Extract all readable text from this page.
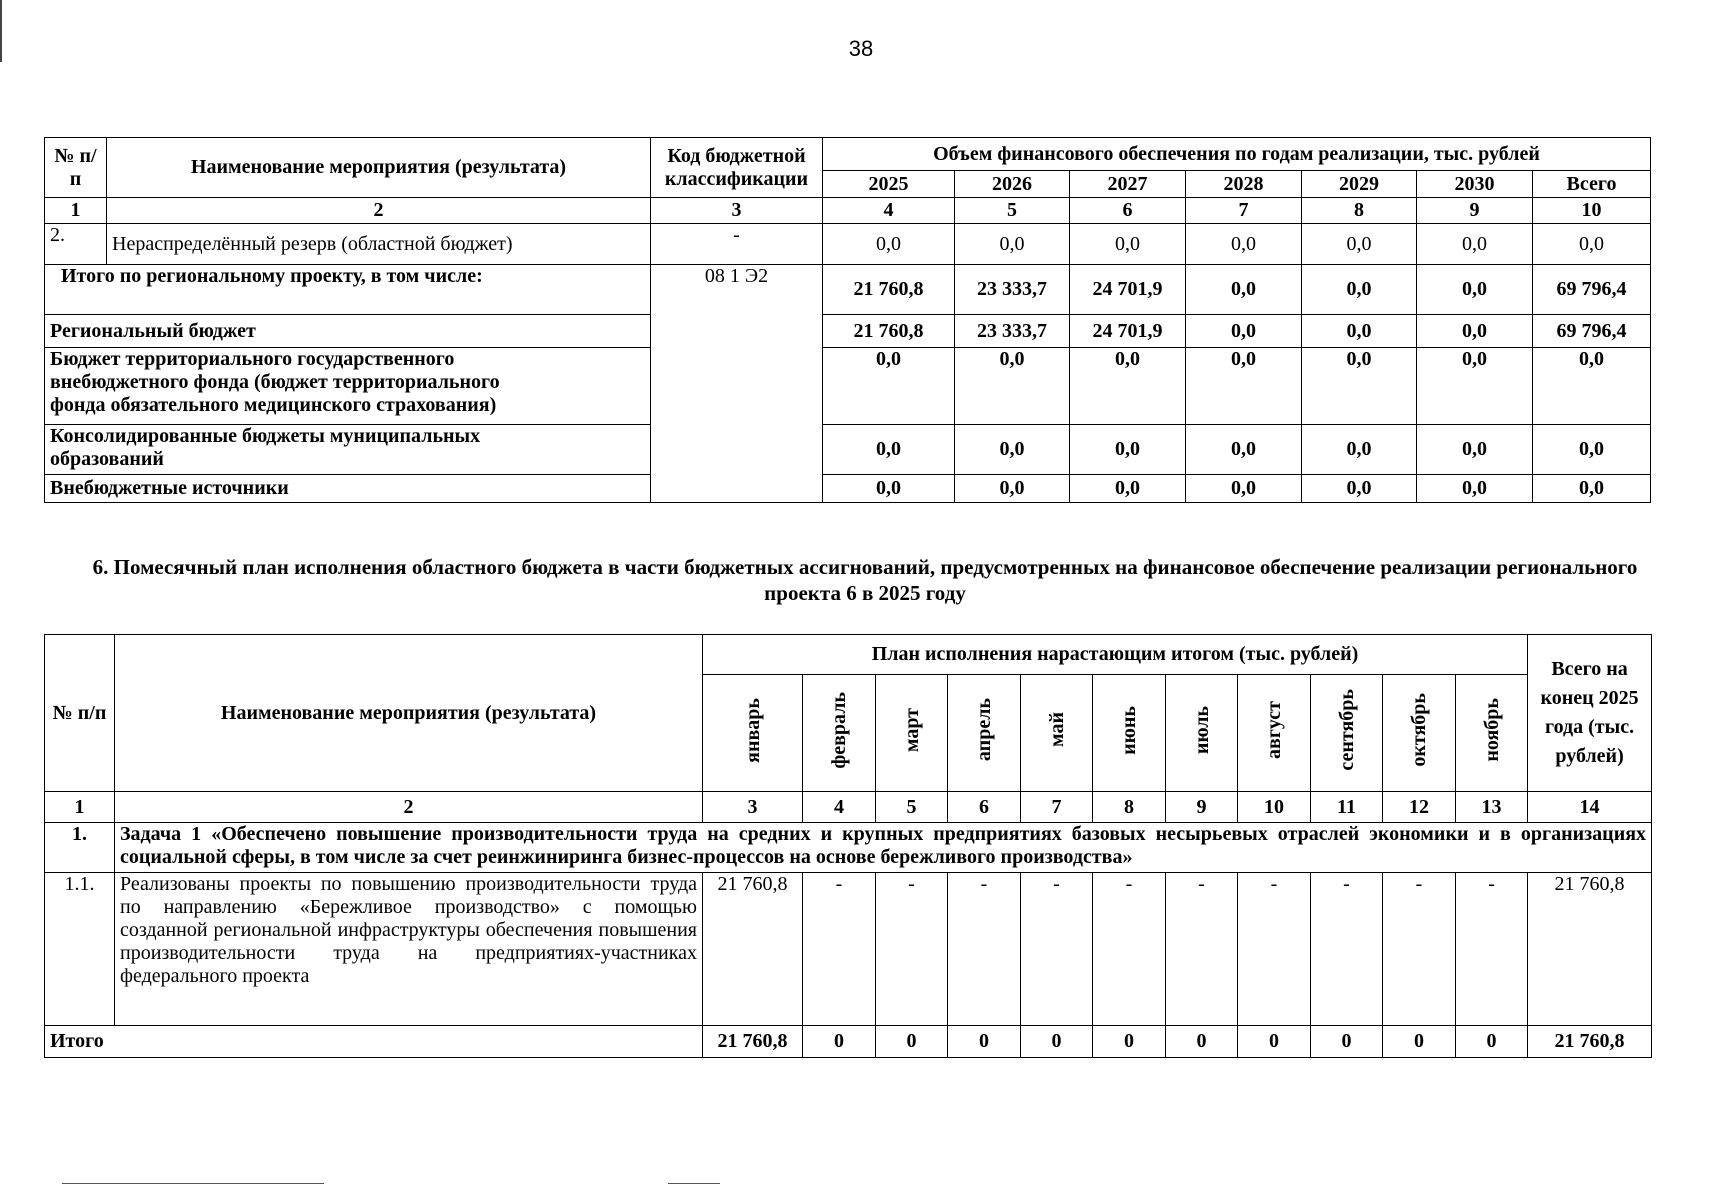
38
№ п/п	Наименование мероприятия (результата)	Код бюджетной классификации	Объем финансового обеспечения по годам реализации, тыс. рублей						
			2025	2026	2027	2028	2029	2030	Всего
1	2	3	4	5	6	7	8	9	10
2.	Нераспределённый резерв (областной бюджет)	-	0,0	0,0	0,0	0,0	0,0	0,0	0,0
Итого по региональному проекту, в том числе:		08 1 Э2	21 760,8	23 333,7	24 701,9	0,0	0,0	0,0	69 796,4
Региональный бюджет			21 760,8	23 333,7	24 701,9	0,0	0,0	0,0	69 796,4
Бюджет территориального государственного внебюджетного фонда (бюджет территориального фонда обязательного медицинского страхования)			0,0	0,0	0,0	0,0	0,0	0,0	0,0
Консолидированные бюджеты муниципальных образований			0,0	0,0	0,0	0,0	0,0	0,0	0,0
Внебюджетные источники			0,0	0,0	0,0	0,0	0,0	0,0	0,0
6. Помесячный план исполнения областного бюджета в части бюджетных ассигнований, предусмотренных на финансовое обеспечение реализации регионального проекта 6 в 2025 году
№ п/п	Наименование мероприятия (результата)	План исполнения нарастающим итогом (тыс. рублей)											Всего на конец 2025 года (тыс. рублей)
		январь	февраль	март	апрель	май	июнь	июль	август	сентябрь	октябрь	ноябрь	
1	2	3	4	5	6	7	8	9	10	11	12	13	14
1.	Задача 1 «Обеспечено повышение производительности труда на средних и крупных предприятиях базовых несырьевых отраслей экономики и в организациях социальной сферы, в том числе за счет реинжиниринга бизнес-процессов на основе бережливого производства»												
1.1.	Реализованы проекты по повышению производительности труда по направлению «Бережливое производство» с помощью созданной региональной инфраструктуры обеспечения повышения производительности труда на предприятиях-участниках федерального проекта	21 760,8	-	-	-	-	-	-	-	-	-	-	21 760,8
Итого		21 760,8	0	0	0	0	0	0	0	0	0	0	21 760,8
